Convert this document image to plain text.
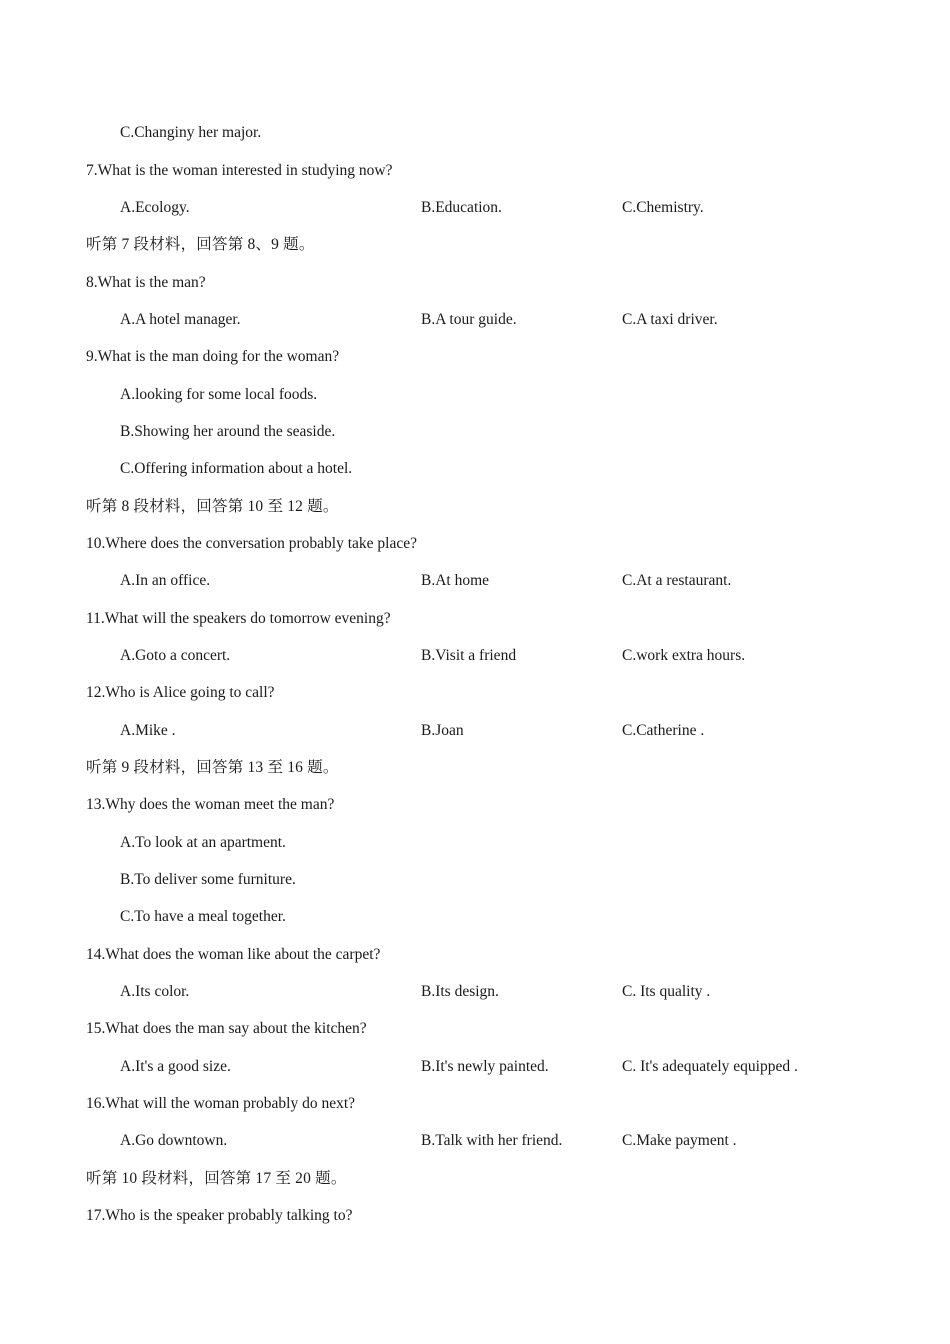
C.Changiny her major.
7.What is the woman interested in studying now?
A.Ecology.	B.Education.	C.Chemistry.
听第 7 段材料，回答第 8、9 题。
8.What is the man?
A.A hotel manager.	B.A tour guide.	C.A taxi driver.
9.What is the man doing for the woman?
A.looking for some local foods.
B.Showing her around the seaside.
C.Offering information about a hotel.
听第 8 段材料，回答第 10 至 12 题。
10.Where does the conversation probably take place?
A.In an office.	B.At home	C.At a restaurant.
11.What will the speakers do tomorrow evening?
A.Goto a concert.	B.Visit a friend	C.work extra hours.
12.Who is Alice going to call?
A.Mike .	B.Joan	C.Catherine .
听第 9 段材料，回答第 13 至 16 题。
13.Why does the woman meet the man?
A.To look at an apartment.
B.To deliver some furniture.
C.To have a meal together.
14.What does the woman like about the carpet?
A.Its color.	B.Its design.	C. Its quality .
15.What does the man say about the kitchen?
A.It's a good size.	B.It's newly painted.	C. It's adequately equipped .
16.What will the woman probably do next?
A.Go downtown.	B.Talk with her friend.	C.Make payment .
听第 10 段材料，回答第 17 至 20 题。
17.Who is the speaker probably talking to?
